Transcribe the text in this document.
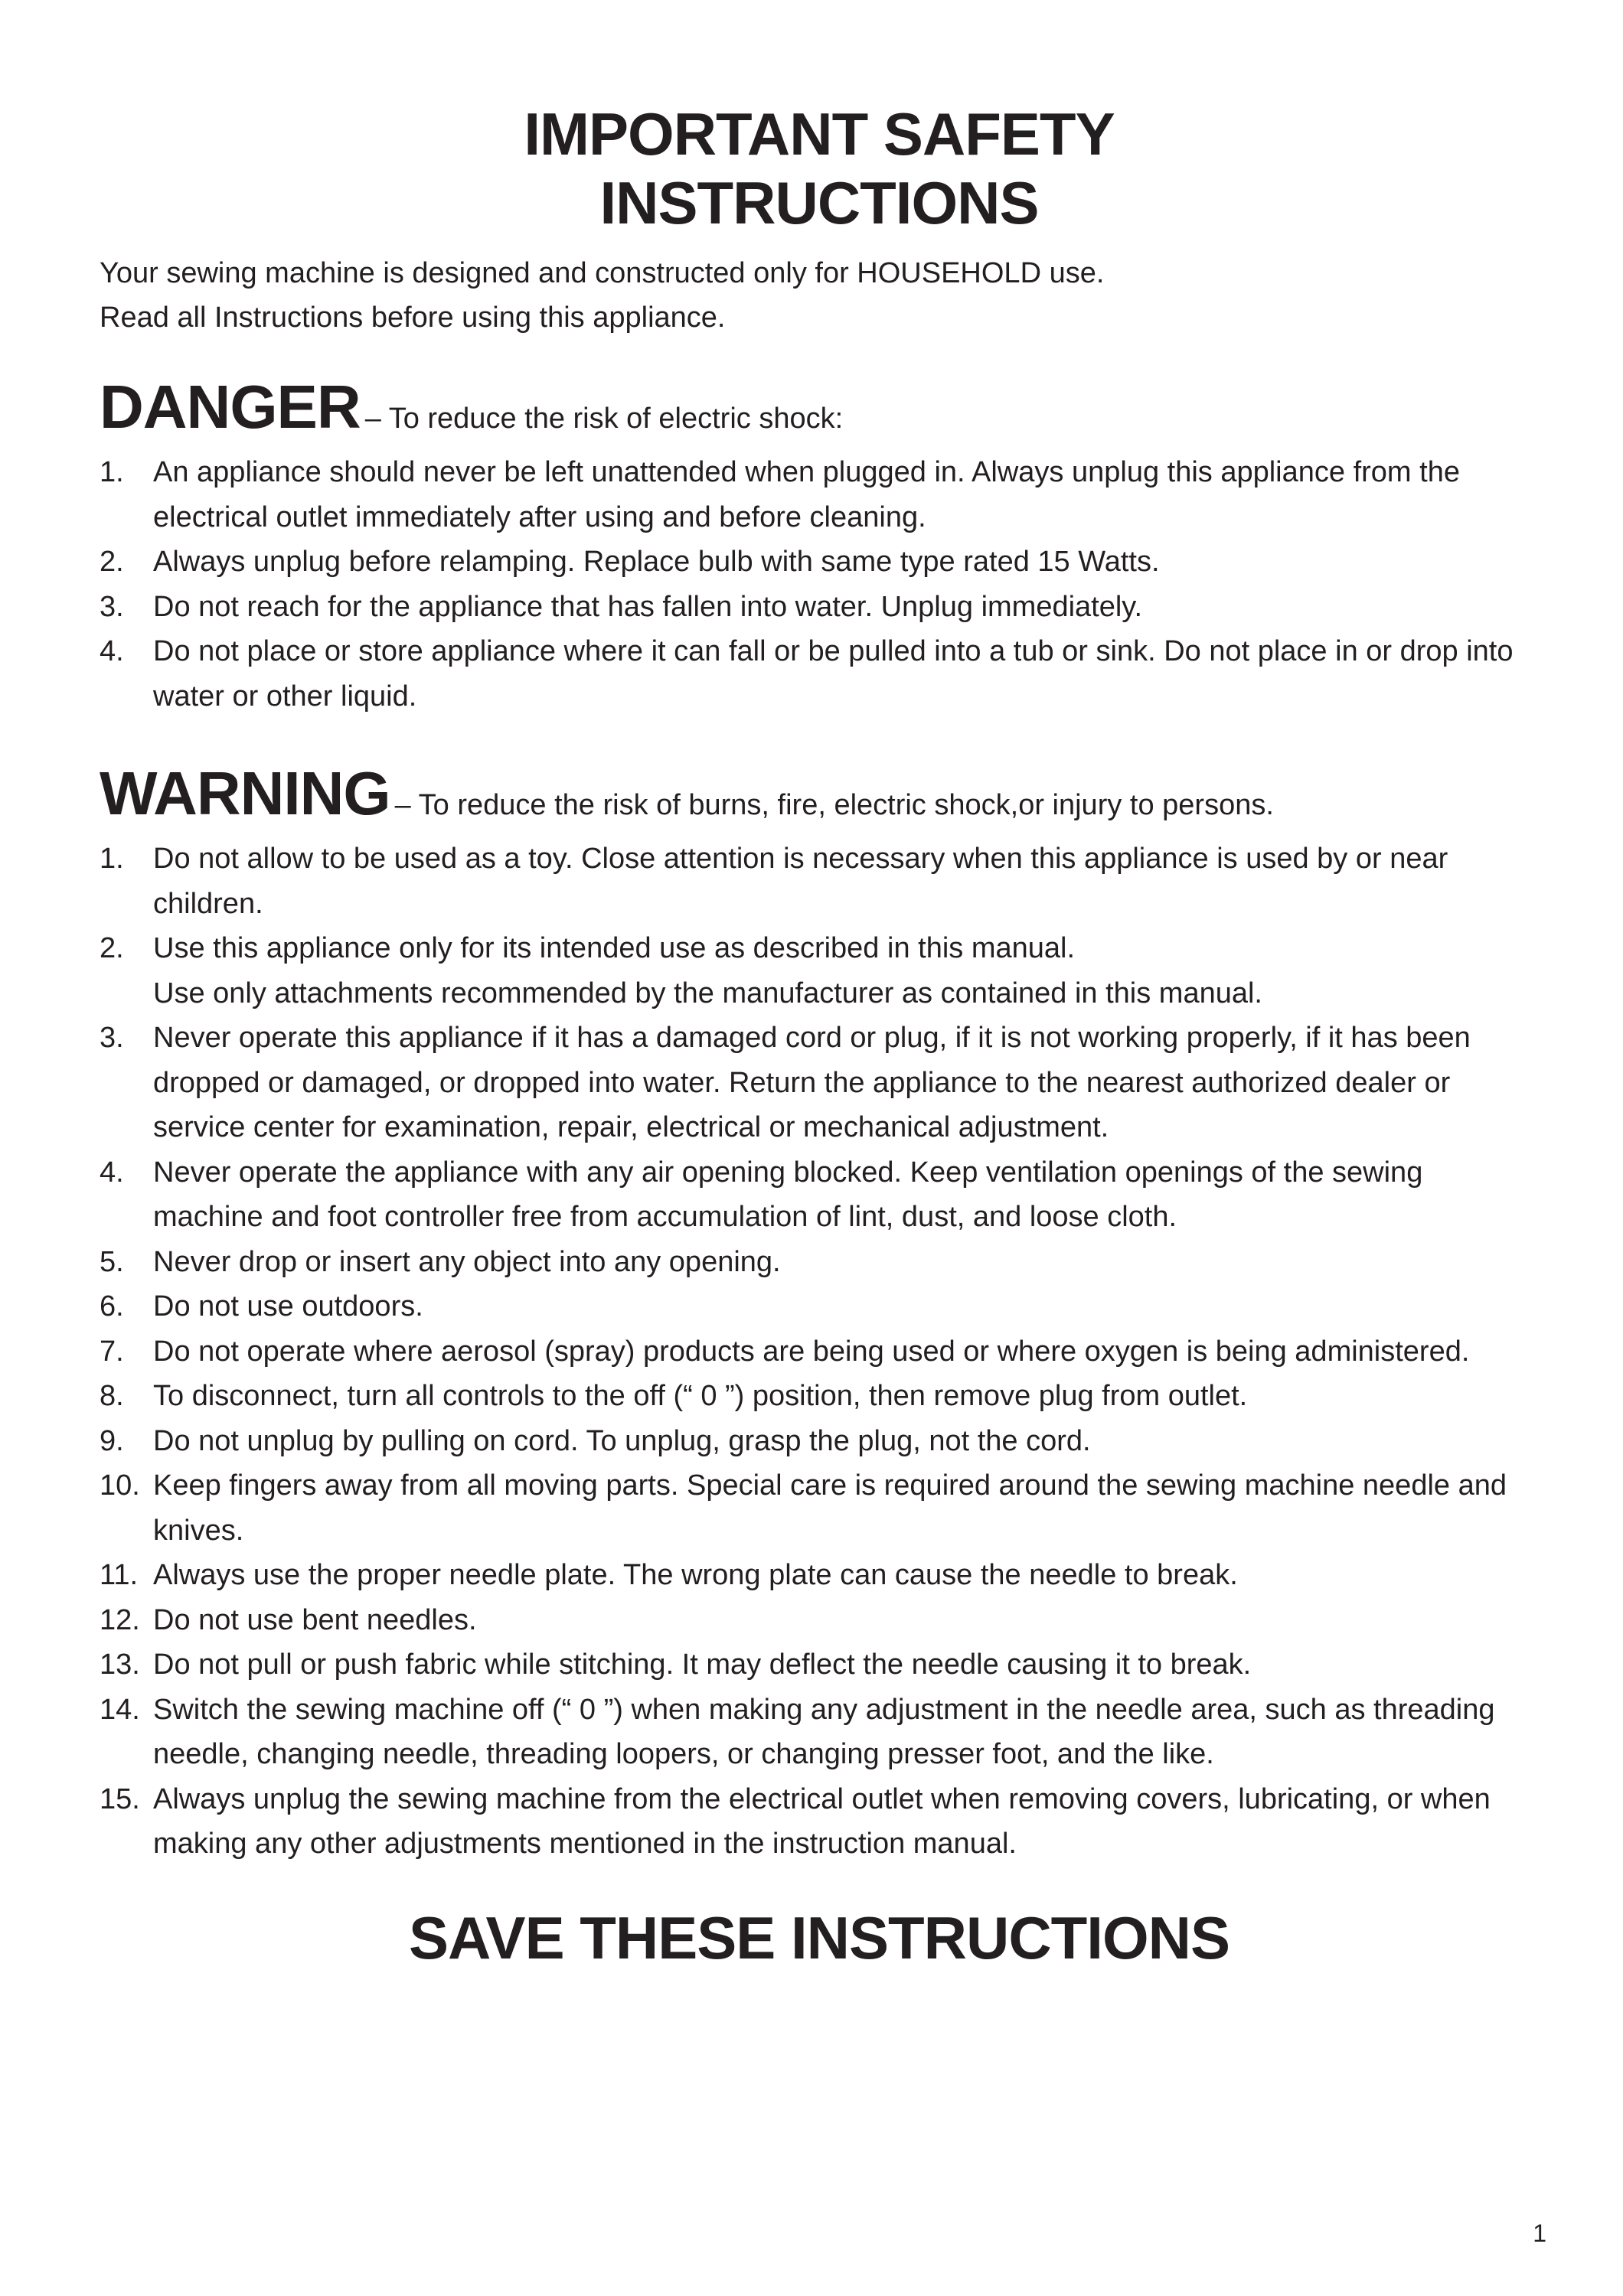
IMPORTANT SAFETY
INSTRUCTIONS

Your sewing machine is designed and constructed only for HOUSEHOLD use.

Read all Instructions before using this appliance.

DANGER – To reduce the risk of electric shock:
1.	An appliance should never be left unattended when plugged in. Always unplug this appliance from the electrical outlet immediately after using and before cleaning.
2.	Always unplug before relamping. Replace bulb with same type rated 15 Watts.
3.	Do not reach for the appliance that has fallen into water. Unplug immediately.
4.	Do not place or store appliance where it can fall or be pulled into a tub or sink. Do not place in or drop into water or other liquid.
WARNING – To reduce the risk of burns, fire, electric shock,or injury to persons.
1.	Do not allow to be used as a toy. Close attention is necessary when this appliance is used by or near children.
2.	Use this appliance only for its intended use as described in this manual.
Use only attachments recommended by the manufacturer as contained in this manual.
3.	Never operate this appliance if it has a damaged cord or plug, if it is not working properly, if it has been dropped or damaged, or dropped into water. Return the appliance to the nearest authorized dealer or service center for examination, repair, electrical or mechanical adjustment.
4.	Never operate the appliance with any air opening blocked. Keep ventilation openings of the sewing machine and foot controller free from accumulation of lint, dust, and loose cloth.
5.	Never drop or insert any object into any opening.
6.	Do not use outdoors.
7.	Do not operate where aerosol (spray) products are being used or where oxygen is being administered.
8.	To disconnect, turn all controls to the off (“ 0 ”) position, then remove plug from outlet.
9.	Do not unplug by pulling on cord. To unplug, grasp the plug, not the cord.
10. Keep fingers away from all moving parts. Special care is required around the sewing machine needle and knives.
11. Always use the proper needle plate. The wrong plate can cause the needle to break.
12. Do not use bent needles.
13. Do not pull or push fabric while stitching. It may deflect the needle causing it to break.
14. Switch the sewing machine off (“ 0 ”) when making any adjustment in the needle area, such as threading needle, changing needle, threading loopers, or changing presser foot, and the like.
15. Always unplug the sewing machine from the electrical outlet when removing covers, lubricating, or when making any other adjustments mentioned in the instruction manual.
SAVE THESE INSTRUCTIONS
1
